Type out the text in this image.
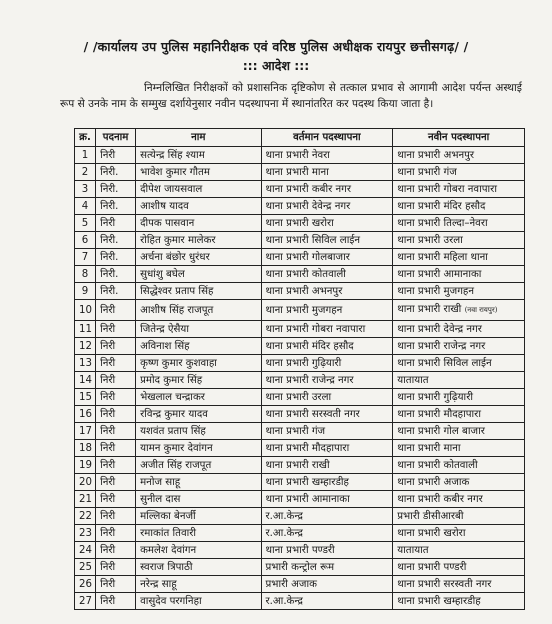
/ /कार्यालय उप पुलिस महानिरीक्षक एवं वरिष्ठ पुलिस अधीक्षक रायपुर छत्तीसगढ़/ /
::: आदेश :::
निम्नलिखित निरीक्षकों को प्रशासनिक दृष्टिकोण से तत्काल प्रभाव से आगामी आदेश पर्यन्त अस्थाई रूप से उनके नाम के सम्मुख दर्शायेनुसार नवीन पदस्थापना में स्थानांतरित कर पदस्थ किया जाता है।
क्र.	पदनाम	नाम	वर्तमान पदस्थापना	नवीन पदस्थापना
1	निरी	सत्येन्द्र सिंह श्याम	थाना प्रभारी नेवरा	थाना प्रभारी अभनपुर
2	निरी.	भावेश कुमार गौतम	थाना प्रभारी माना	थाना प्रभारी गंज
3	निरी.	दीपेश जायसवाल	थाना प्रभारी कबीर नगर	थाना प्रभारी गोबरा नवापारा
4	निरी.	आशीष यादव	थाना प्रभारी देवेन्द्र नगर	थाना प्रभारी मंदिर हसौद
5	निरी	दीपक पासवान	थाना प्रभारी खरोरा	थाना प्रभारी तिल्दा–नेवरा
6	निरी.	रोहित कुमार मालेकर	थाना प्रभारी सिविल लाईन	थाना प्रभारी उरला
7	निरी.	अर्चना बंछोर धुरंधर	थाना प्रभारी गोलबाजार	थाना प्रभारी महिला थाना
8	निरी.	सुधांशु बघेल	थाना प्रभारी कोतवाली	थाना प्रभारी आमानाका
9	निरी.	सिद्धेश्वर प्रताप सिंह	थाना प्रभारी अभनपुर	थाना प्रभारी मुजगहन
10	निरी	आशीष सिंह राजपूत	थाना प्रभारी मुजगहन	थाना प्रभारी राखी (नवा रायपुर)
11	निरी	जितेन्द्र ऐसैया	थाना प्रभारी गोबरा नवापारा	थाना प्रभारी देवेन्द्र नगर
12	निरी	अविनाश सिंह	थाना प्रभारी मंदिर हसौद	थाना प्रभारी राजेन्द्र नगर
13	निरी	कृष्ण कुमार कुशवाहा	थाना प्रभारी गुढ़ियारी	थाना प्रभारी सिविल लाईन
14	निरी	प्रमोद कुमार सिंह	थाना प्रभारी राजेन्द्र नगर	यातायात
15	निरी	भेखलाल चन्द्राकर	थाना प्रभारी उरला	थाना प्रभारी गुढ़ियारी
16	निरी	रविन्द्र कुमार यादव	थाना प्रभारी सरस्वती नगर	थाना प्रभारी मौदहापारा
17	निरी	यशवंत प्रताप सिंह	थाना प्रभारी गंज	थाना प्रभारी गोल बाजार
18	निरी	यामन कुमार देवांगन	थाना प्रभारी मौदहापारा	थाना प्रभारी माना
19	निरी	अजीत सिंह राजपूत	थाना प्रभारी राखी	थाना प्रभारी कोतवाली
20	निरी	मनोज साहू	थाना प्रभारी खम्हारडीह	थाना प्रभारी अजाक
21	निरी	सुनील दास	थाना प्रभारी आमानाका	थाना प्रभारी कबीर नगर
22	निरी	मल्लिका बेनर्जी	र.आ.केन्द्र	प्रभारी डीसीआरबी
23	निरी	रमाकांत तिवारी	र.आ.केन्द्र	थाना प्रभारी खरोरा
24	निरी	कमलेश देवांगन	थाना प्रभारी पण्डरी	यातायात
25	निरी	स्वराज त्रिपाठी	प्रभारी कन्ट्रोल रूम	थाना प्रभारी पण्डरी
26	निरी	नरेन्द्र साहू	प्रभारी अजाक	थाना प्रभारी सरस्वती नगर
27	निरी	वासुदेव परगनिहा	र.आ.केन्द्र	थाना प्रभारी खम्हारडीह
